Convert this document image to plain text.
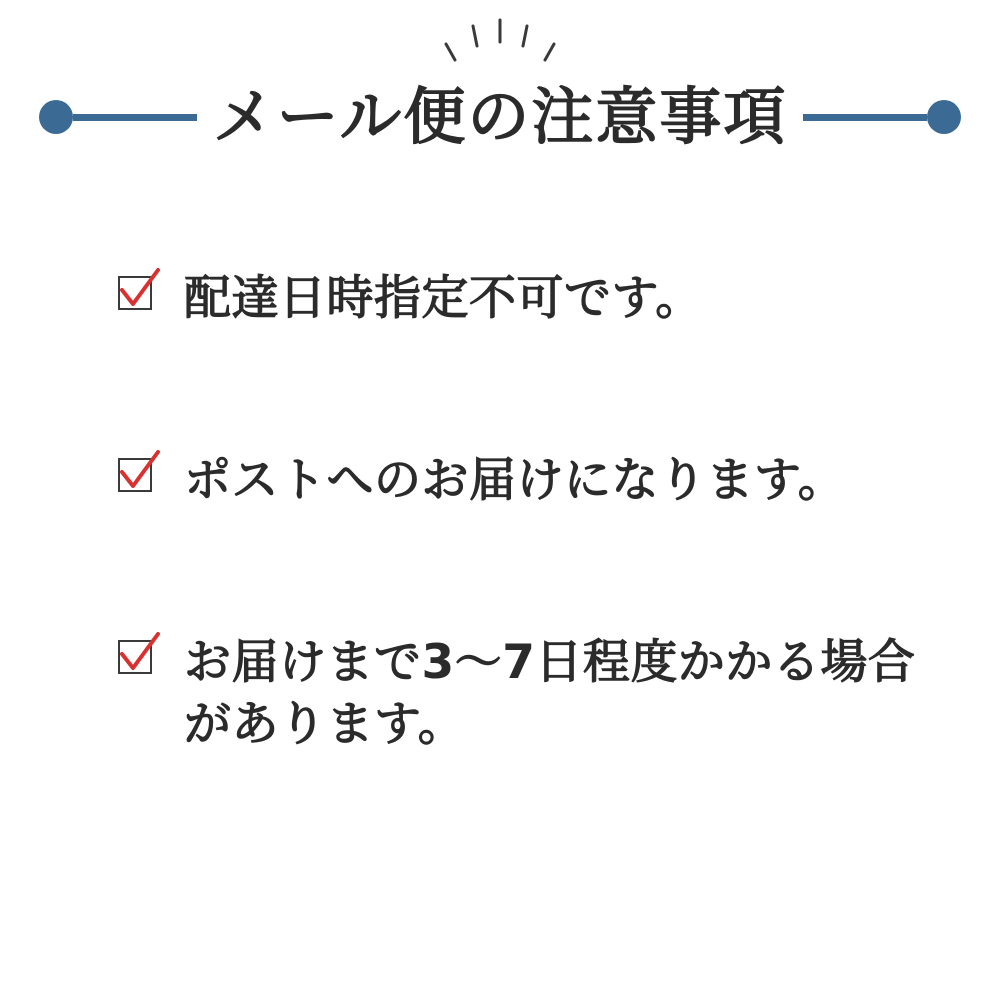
メール便の注意事項
配達日時指定不可です。
ポストへのお届けになります。
お届けまで3〜7日程度かかる場合があります。
